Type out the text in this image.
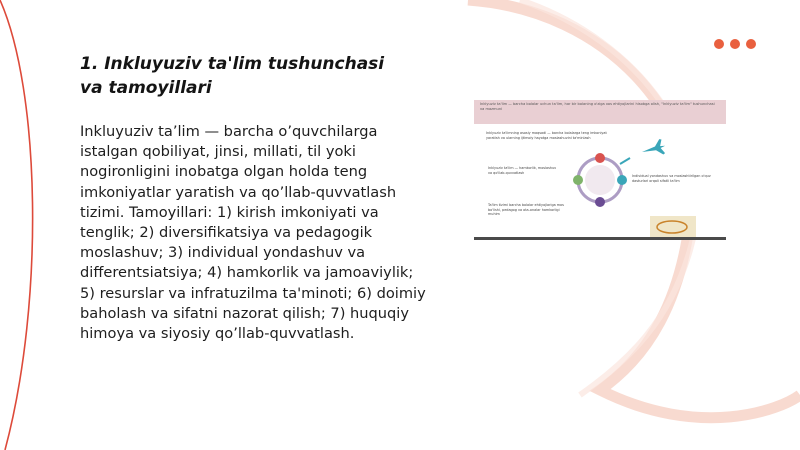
1. Inkluyuziv ta'lim tushunchasi va tamoyillari

Inkluyuziv ta’lim — barcha o’quvchilarga istalgan qobiliyat, jinsi, millati, til yoki nogironligini inobatga olgan holda teng imkoniyatlar yaratish va qo’llab-quvvatlash tizimi. Tamoyillari: 1) kirish imkoniyati va tenglik; 2) diversifikatsiya va pedagogik moslashuv; 3) individual yondashuv va differentsiatsiya; 4) hamkorlik va jamoaviylik; 5) resurslar va infratuzilma ta'minoti; 6) doimiy baholash va sifatni nazorat qilish; 7) huquqiy himoya va siyosiy qo’llab-quvvatlash.

Inklyuziv ta'lim — barcha bolalar uchun ta'lim, har bir bolaning o'ziga xos ehtiyojlarini hisobga olish, "Inklyuziv ta'lim" tushunchasi va mazmuni
Inklyuziv ta'limning asosiy maqsadi — barcha bolalarga teng imkoniyat yaratish va ularning ijtimoiy hayotga moslashuvini ta'minlash
Inklyuziv ta'lim — hamkorlik, moslashuv va qo'llab-quvvatlash
Ta'lim tizimi barcha bolalar ehtiyojlariga mos bo'lishi, pedagog va ota-onalar hamkorligi muhim
Individual yondashuv va moslashtirilgan o'quv dasturlari orqali sifatli ta'lim
